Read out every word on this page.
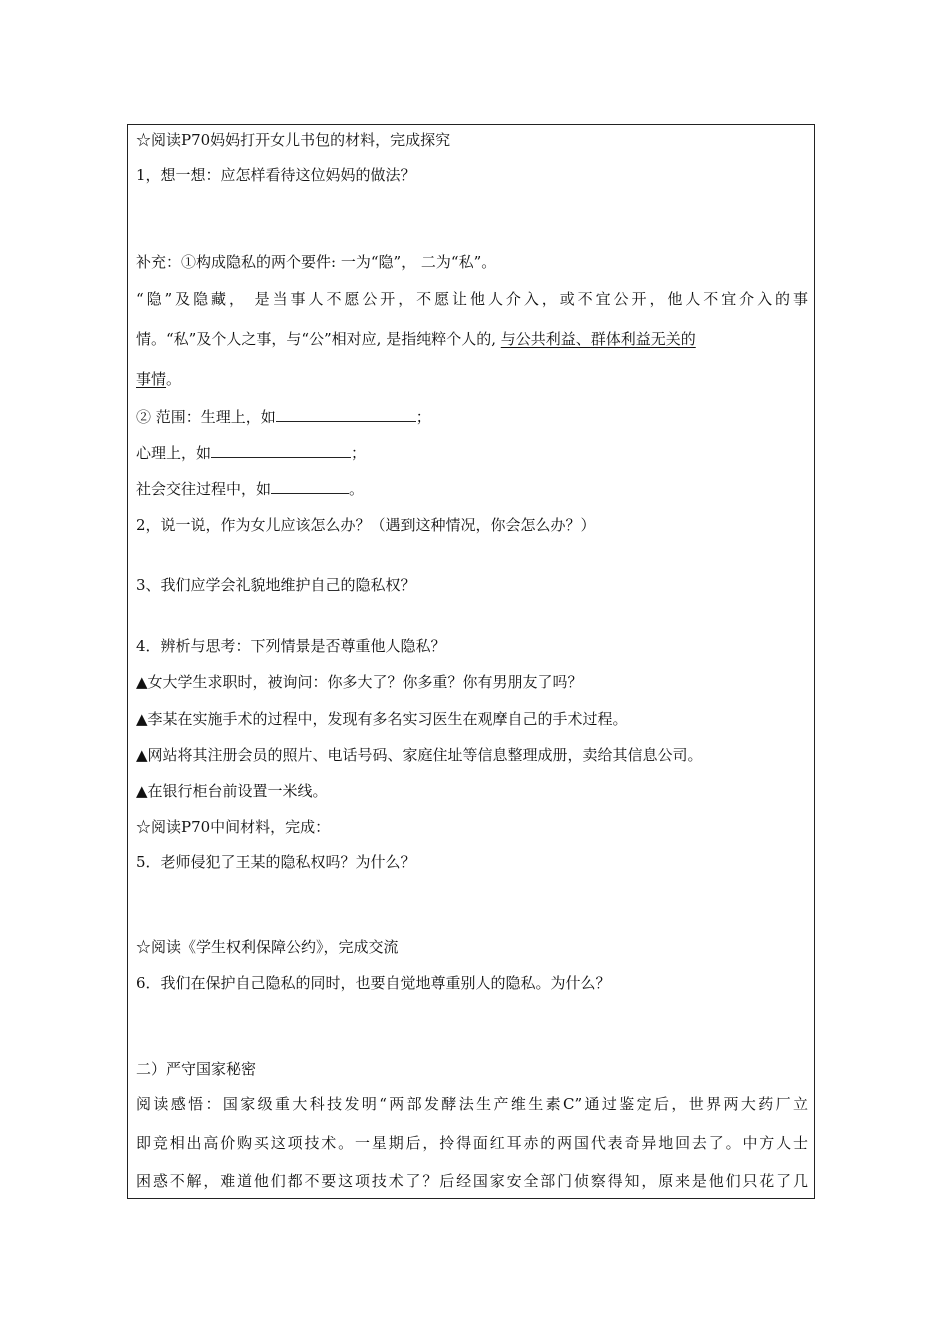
☆阅读P70妈妈打开女儿书包的材料，完成探究
1，想一想：应怎样看待这位妈妈的做法？
补充：①构成隐私的两个要件: 一为“隐”， 二为“私”。
“隐”及隐藏， 是当事人不愿公开，不愿让他人介入，或不宜公开，他人不宜介入的事
情。“私”及个人之事，与“公”相对应, 是指纯粹个人的, 与公共利益、群体利益无关的
事情。
② 范围：生理上，如	；
心理上，如	；
社会交往过程中，如	。
2，说一说，作为女儿应该怎么办？（遇到这种情况，你会怎么办？）
3、我们应学会礼貌地维护自己的隐私权？
4．辨析与思考：下列情景是否尊重他人隐私？
▲女大学生求职时，被询问：你多大了？你多重？你有男朋友了吗？
▲李某在实施手术的过程中，发现有多名实习医生在观摩自己的手术过程。
▲网站将其注册会员的照片、电话号码、家庭住址等信息整理成册，卖给其信息公司。
▲在银行柜台前设置一米线。
☆阅读P70中间材料，完成：
5．老师侵犯了王某的隐私权吗？为什么？
☆阅读《学生权利保障公约》，完成交流
6．我们在保护自己隐私的同时，也要自觉地尊重别人的隐私。为什么？
二）严守国家秘密
阅读感悟：国家级重大科技发明“两部发酵法生产维生素C”通过鉴定后，世界两大药厂立
即竞相出高价购买这项技术。一星期后，拎得面红耳赤的两国代表奇异地回去了。中方人士
困惑不解，难道他们都不要这项技术了？后经国家安全部门侦察得知，原来是他们只花了几
